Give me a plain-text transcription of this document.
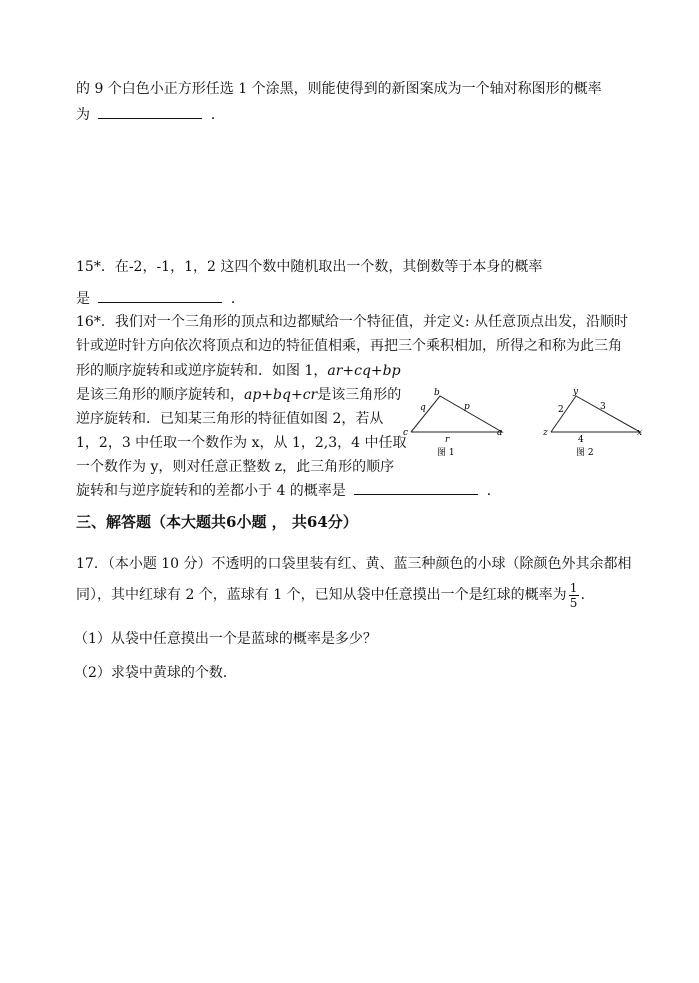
的 9 个白色小正方形任选 1 个涂黑，则能使得到的新图案成为一个轴对称图形的概率
为	．
15*．在-2，-1，1，2 这四个数中随机取出一个数，其倒数等于本身的概率
是	．
16*．我们对一个三角形的顶点和边都赋给一个特征值，并定义: 从任意顶点出发，沿顺时
针或逆时针方向依次将顶点和边的特征值相乘，再把三个乘积相加，所得之和称为此三角
形的顺序旋转和或逆序旋转和．如图 1，ar+cq+bp
是该三角形的顺序旋转和，ap+bq+cr是该三角形的
逆序旋转和．已知某三角形的特征值如图 2，若从
1，2，3 中任取一个数作为 x，从 1，2,3，4 中任取
一个数作为 y，则对任意正整数 z，此三角形的顺序
旋转和与逆序旋转和的差都小于 4 的概率是	．
b
c	a
q	p
r
图 1
y
z	x
2	3
4
图 2
三、解答题（本大题共6小题 ， 共64分）
17．（本小题 10 分）不透明的口袋里装有红、黄、蓝三种颜色的小球（除颜色外其余都相
同），其中红球有 2 个，蓝球有 1 个，已知从袋中任意摸出一个是红球的概率为 $\frac{1}{5}$ ．
（1）从袋中任意摸出一个是蓝球的概率是多少？
（2）求袋中黄球的个数．
